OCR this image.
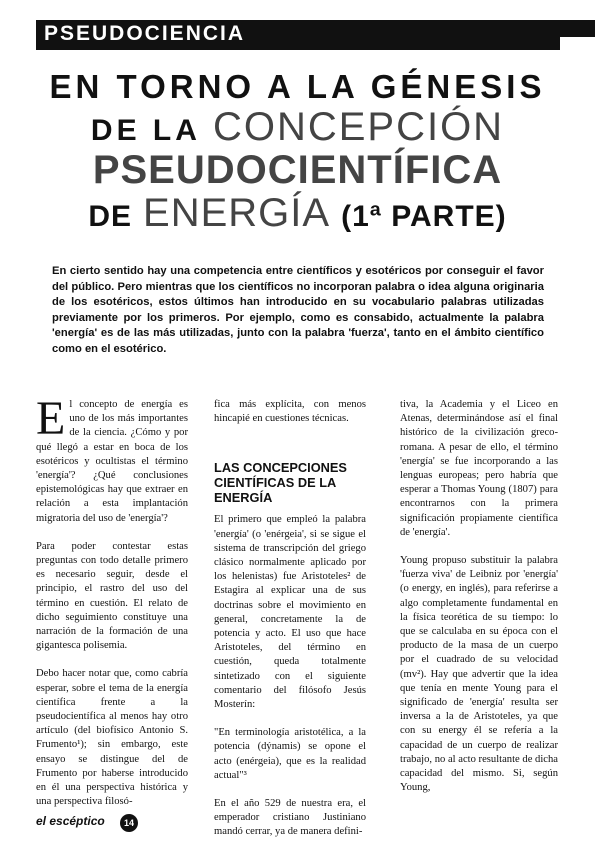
PSEUDOCIENCIA
EN TORNO A LA GÉNESIS
DE LA CONCEPCIÓN
PSEUDOCIENTÍFICA
DE ENERGÍA (1ª PARTE)

En cierto sentido hay una competencia entre científicos y esotéricos por conseguir el favor del público. Pero mientras que los científicos no incorporan palabra o idea alguna originaria de los esotéricos, estos últimos han introducido en su vocabulario palabras utilizadas previamente por los primeros. Por ejemplo, como es consabido, actualmente la palabra 'energía' es de las más utilizadas, junto con la palabra 'fuerza', tanto en el ámbito científico como en el esotérico.

El concepto de energía es uno de los más importantes de la ciencia. ¿Cómo y por qué llegó a estar en boca de los esotéricos y ocultistas el término 'energía'? ¿Qué conclusiones epistemológicas hay que extraer en relación a esta implantación migratoria del uso de 'energía'?

Para poder contestar estas preguntas con todo detalle primero es necesario seguir, desde el principio, el rastro del uso del término en cuestión. El relato de dicho seguimiento constituye una narración de la formación de una gigantesca polisemia.

Debo hacer notar que, como cabría esperar, sobre el tema de la energía científica frente a la pseudocientífica al menos hay otro artículo (del biofísico Antonio S. Frumento¹); sin embargo, este ensayo se distingue del de Frumento por haberse introducido en él una perspectiva histórica y una perspectiva filosó-

fica más explícita, con menos hincapié en cuestiones técnicas.

LAS CONCEPCIONES CIENTÍFICAS DE LA ENERGÍA

El primero que empleó la palabra 'energía' (o 'enérgeia', si se sigue el sistema de transcripción del griego clásico normalmente aplicado por los helenistas) fue Aristoteles² de Estagira al explicar una de sus doctrinas sobre el movimiento en general, concretamente la de potencia y acto. El uso que hace Aristoteles, del término en cuestión, queda totalmente sintetizado con el siguiente comentario del filósofo Jesús Mosterín:

"En terminología aristotélica, a la potencia (dýnamis) se opone el acto (enérgeia), que es la realidad actual"³

En el año 529 de nuestra era, el emperador cristiano Justiniano mandó cerrar, ya de manera defini-

tiva, la Academia y el Liceo en Atenas, determinándose así el final histórico de la civilización greco-romana. A pesar de ello, el término 'energía' se fue incorporando a las lenguas europeas; pero habría que esperar a Thomas Young (1807) para encontrarnos con la primera significación propiamente científica de 'energía'.

Young propuso substituir la palabra 'fuerza viva' de Leibniz por 'energía' (o energy, en inglés), para referirse a algo completamente fundamental en la física teorética de su tiempo: lo que se calculaba en su época con el producto de la masa de un cuerpo por el cuadrado de su velocidad (mv²). Hay que advertir que la idea que tenía en mente Young para el significado de 'energía' resulta ser inversa a la de Aristoteles, ya que con su energy él se refería a la capacidad de un cuerpo de realizar trabajo, no al acto resultante de dicha capacidad del mismo. Si, según Young,

el escéptico	14
